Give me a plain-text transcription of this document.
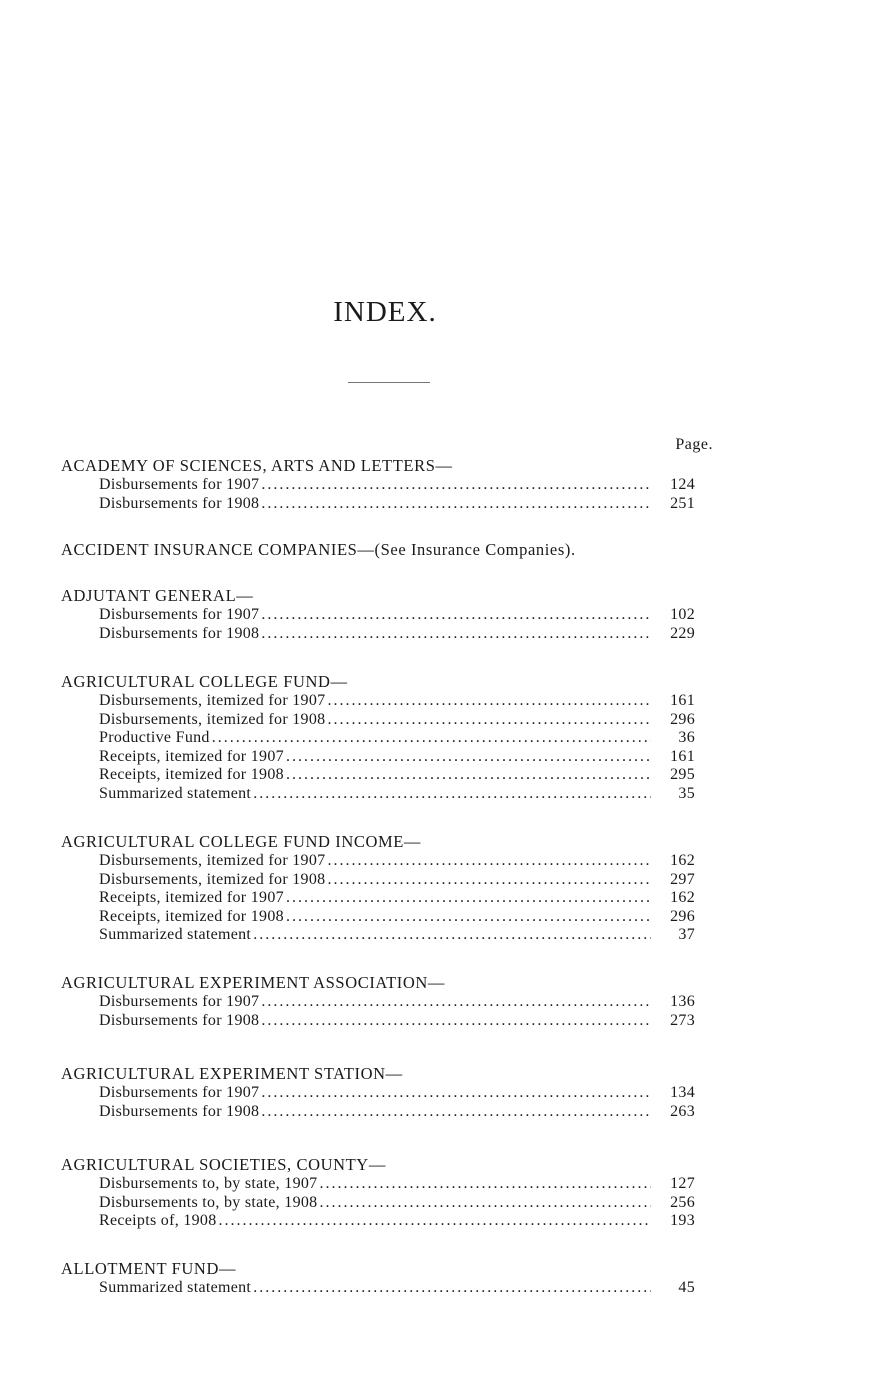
INDEX.
Page.
ACADEMY OF SCIENCES, ARTS AND LETTERS—
Disbursements for 1907 .....	124
Disbursements for 1908 .....	251
ACCIDENT INSURANCE COMPANIES—(See Insurance Companies).
ADJUTANT GENERAL—
Disbursements for 1907 .....	102
Disbursements for 1908 .....	229
AGRICULTURAL COLLEGE FUND—
Disbursements, itemized for 1907 .....	161
Disbursements, itemized for 1908 .....	296
Productive Fund .....	36
Receipts, itemized for 1907 .....	161
Receipts, itemized for 1908 .....	295
Summarized statement .....	35
AGRICULTURAL COLLEGE FUND INCOME—
Disbursements, itemized for 1907 .....	162
Disbursements, itemized for 1908 .....	297
Receipts, itemized for 1907 .....	162
Receipts, itemized for 1908 .....	296
Summarized statement .....	37
AGRICULTURAL EXPERIMENT ASSOCIATION—
Disbursements for 1907 .....	136
Disbursements for 1908 .....	273
AGRICULTURAL EXPERIMENT STATION—
Disbursements for 1907 .....	134
Disbursements for 1908 .....	263
AGRICULTURAL SOCIETIES, COUNTY—
Disbursements to, by state, 1907 .....	127
Disbursements to, by state, 1908 .....	256
Receipts of, 1908 .....	193
ALLOTMENT FUND—
Summarized statement .....	45
